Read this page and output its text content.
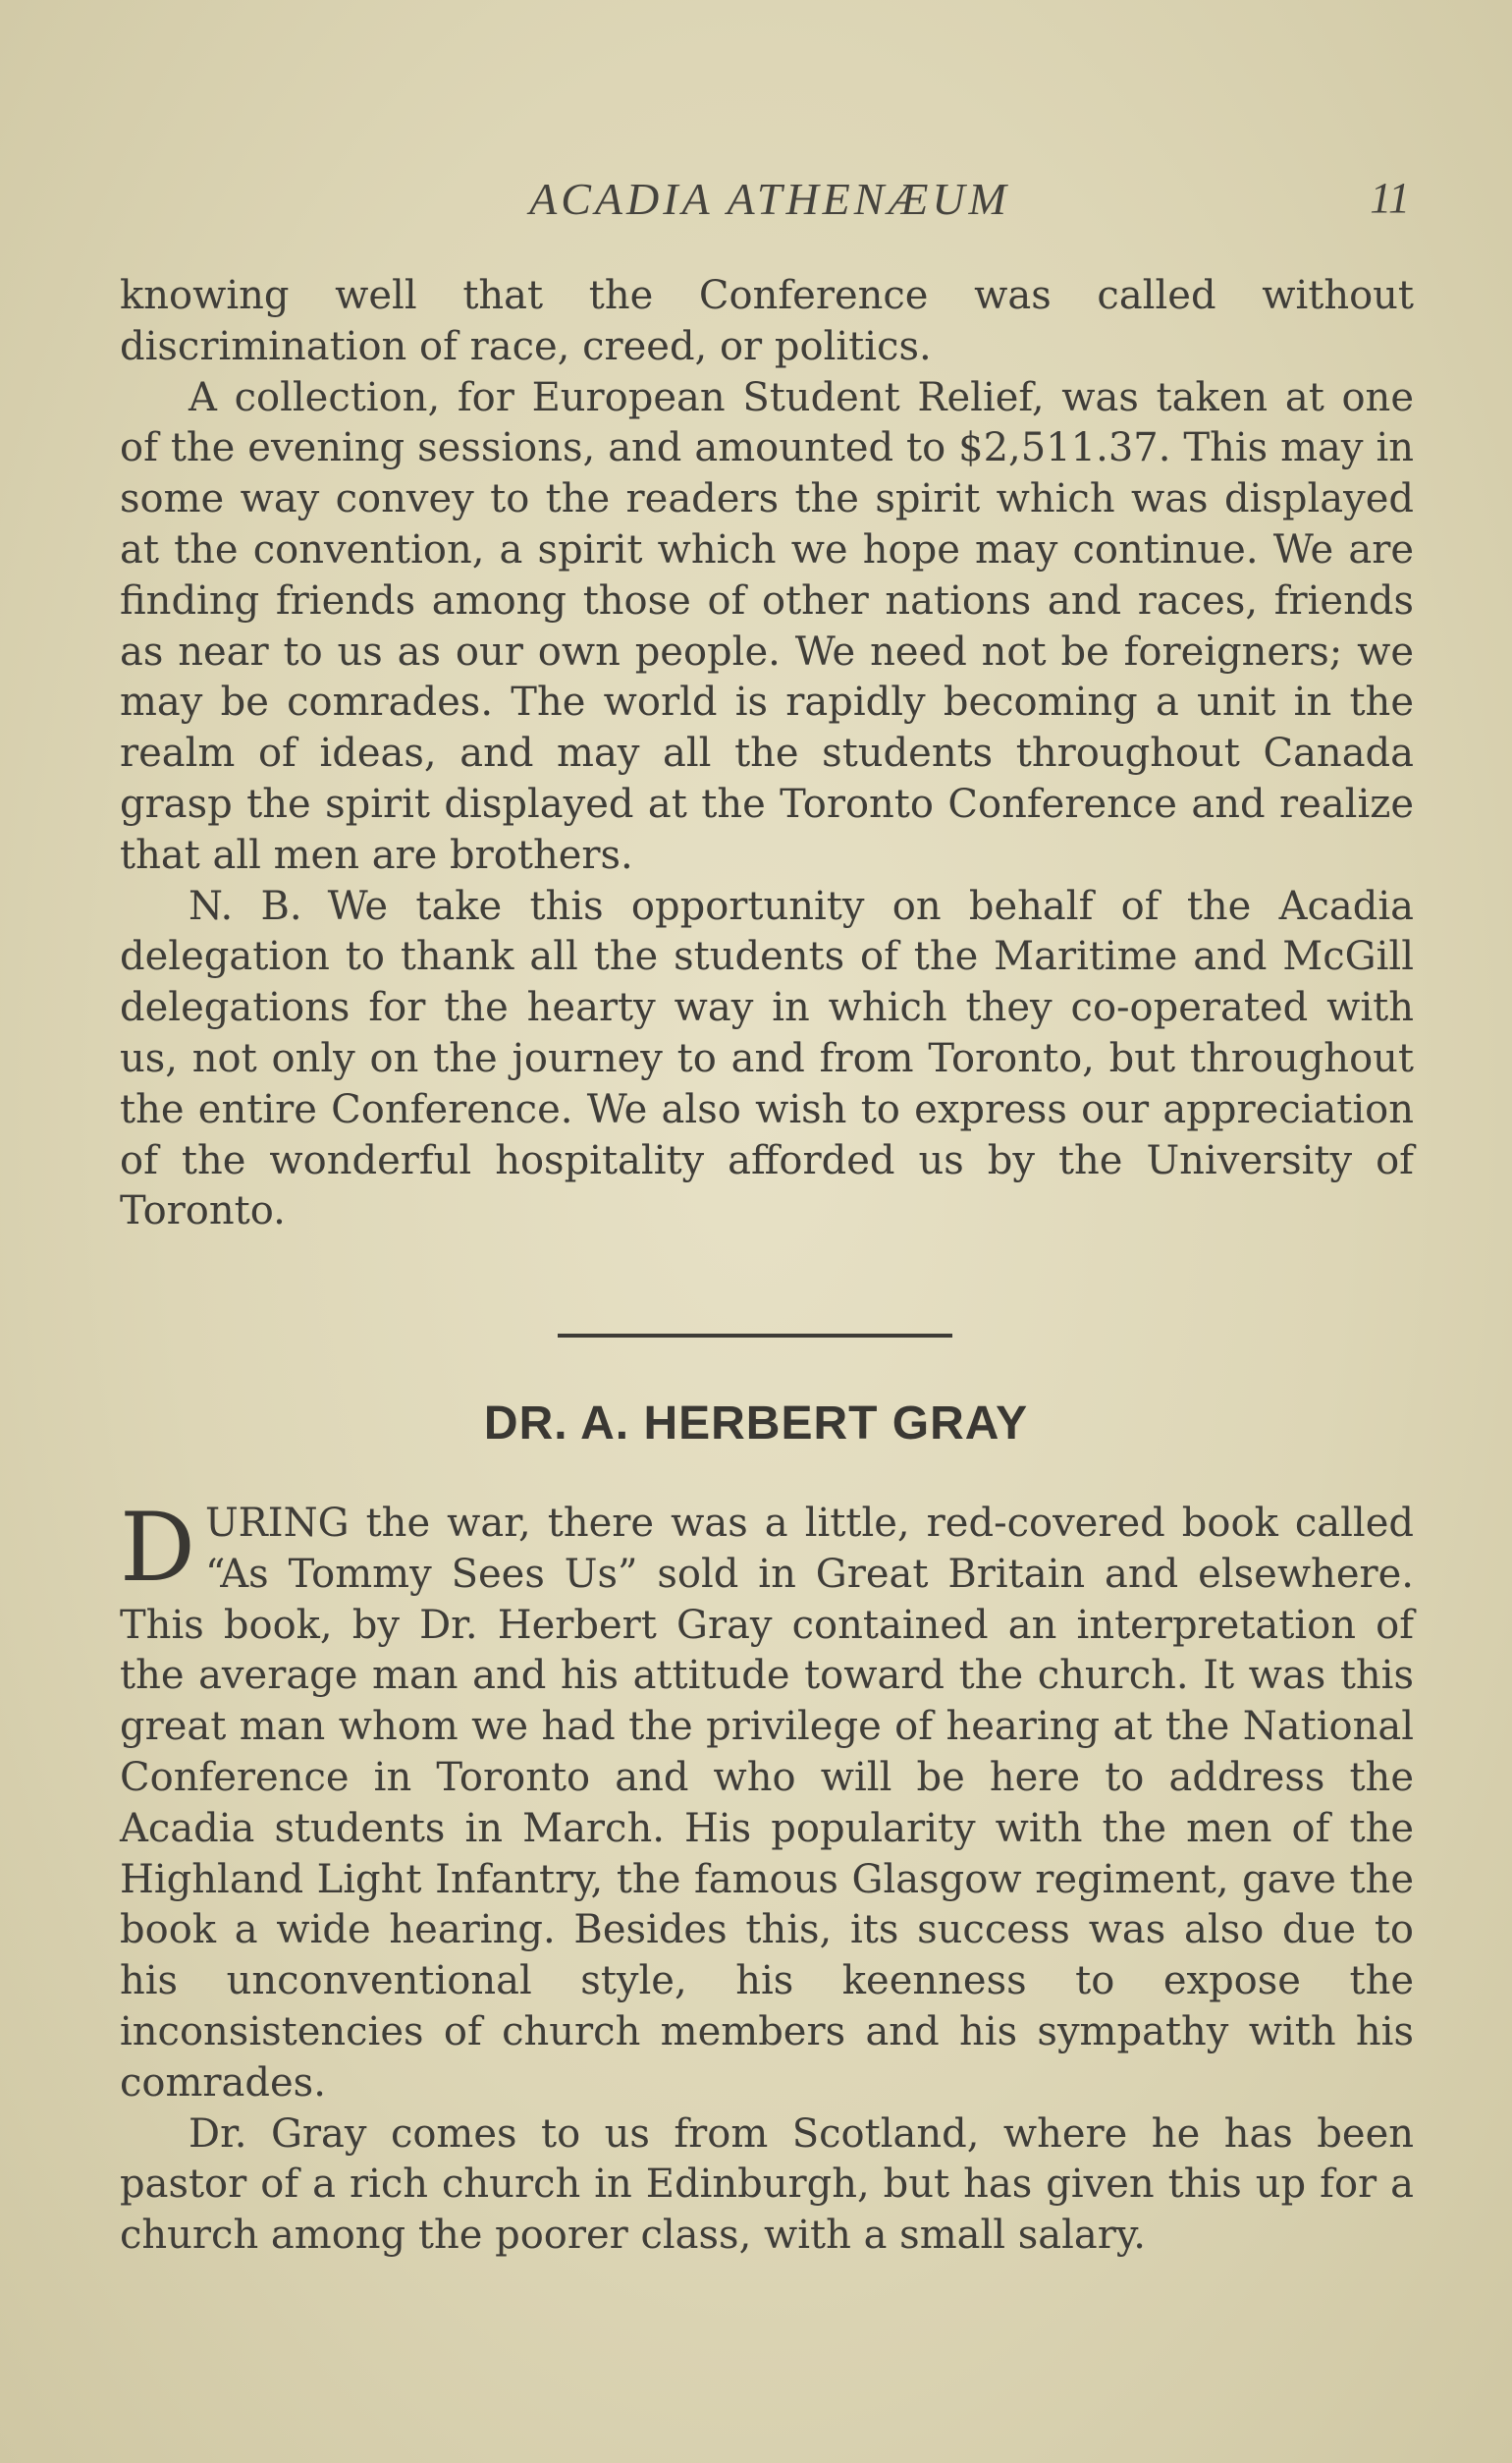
ACADIA ATHENÆUM	11

knowing well that the Conference was called without discrimination of race, creed, or politics.

A collection, for European Student Relief, was taken at one of the evening sessions, and amounted to $2,511.37. This may in some way convey to the readers the spirit which was displayed at the convention, a spirit which we hope may continue. We are finding friends among those of other nations and races, friends as near to us as our own people. We need not be foreigners; we may be comrades. The world is rapidly becoming a unit in the realm of ideas, and may all the students throughout Canada grasp the spirit displayed at the Toronto Conference and realize that all men are brothers.

N. B. We take this opportunity on behalf of the Acadia delegation to thank all the students of the Maritime and McGill delegations for the hearty way in which they co-operated with us, not only on the journey to and from Toronto, but throughout the entire Conference. We also wish to express our appreciation of the wonderful hospitality afforded us by the University of Toronto.

DR. A. HERBERT GRAY

DURING the war, there was a little, red-covered book called “As Tommy Sees Us” sold in Great Britain and elsewhere. This book, by Dr. Herbert Gray contained an interpretation of the average man and his attitude toward the church. It was this great man whom we had the privilege of hearing at the National Conference in Toronto and who will be here to address the Acadia students in March. His popularity with the men of the Highland Light Infantry, the famous Glasgow regiment, gave the book a wide hearing. Besides this, its success was also due to his unconventional style, his keenness to expose the inconsistencies of church members and his sympathy with his comrades.

Dr. Gray comes to us from Scotland, where he has been pastor of a rich church in Edinburgh, but has given this up for a church among the poorer class, with a small salary.
